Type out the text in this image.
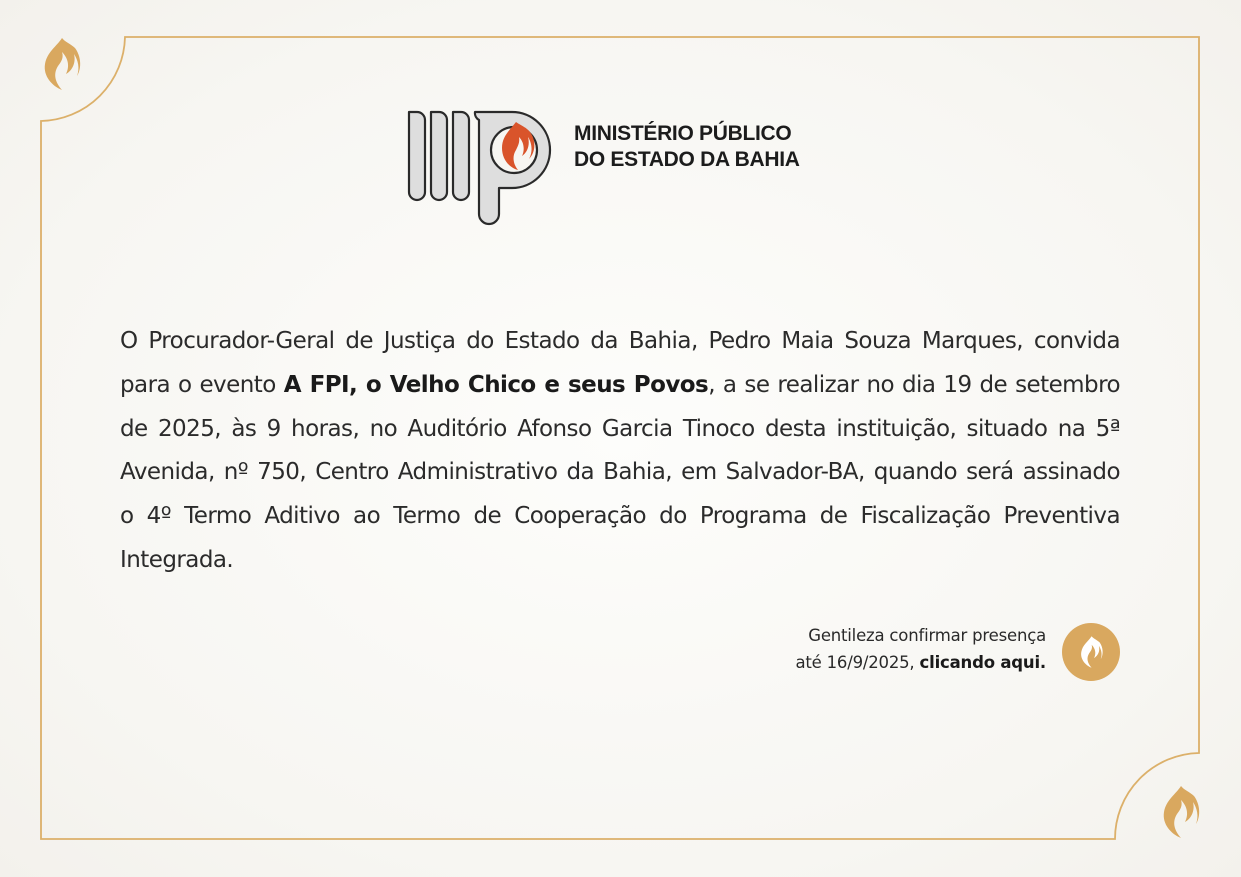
MINISTÉRIO PÚBLICO
DO ESTADO DA BAHIA

O Procurador-Geral de Justiça do Estado da Bahia, Pedro Maia Souza Marques, convida para o evento A FPI, o Velho Chico e seus Povos, a se realizar no dia 19 de setembro de 2025, às 9 horas, no Auditório Afonso Garcia Tinoco desta instituição, situado na 5ª Avenida, nº 750, Centro Administrativo da Bahia, em Salvador-BA, quando será assinado o 4º Termo Aditivo ao Termo de Cooperação do Programa de Fiscalização Preventiva Integrada.

Gentileza confirmar presença
até 16/9/2025, clicando aqui.
